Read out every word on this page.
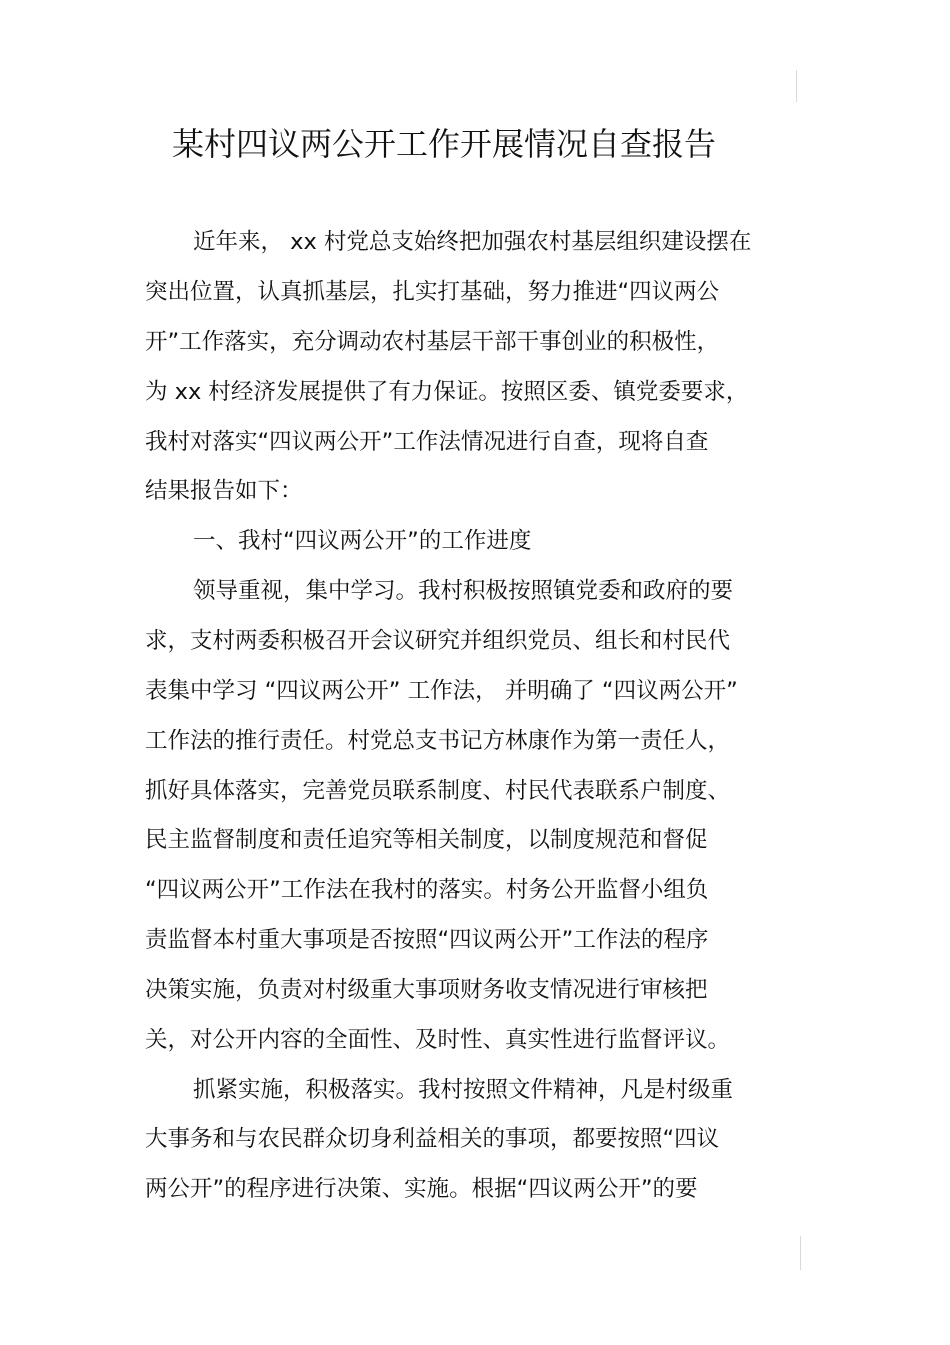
某村四议两公开工作开展情况自查报告
近年来， xx 村党总支始终把加强农村基层组织建设摆在
突出位置，认真抓基层，扎实打基础，努力推进“四议两公
开”工作落实，充分调动农村基层干部干事创业的积极性，
为 xx 村经济发展提供了有力保证。按照区委、镇党委要求，
我村对落实“四议两公开”工作法情况进行自查，现将自查
结果报告如下：
一、我村“四议两公开”的工作进度
领导重视，集中学习。我村积极按照镇党委和政府的要
求，支村两委积极召开会议研究并组织党员、组长和村民代
表集中学习 “四议两公开” 工作法， 并明确了 “四议两公开”
工作法的推行责任。村党总支书记方林康作为第一责任人，
抓好具体落实，完善党员联系制度、村民代表联系户制度、
民主监督制度和责任追究等相关制度，以制度规范和督促
“四议两公开”工作法在我村的落实。村务公开监督小组负
责监督本村重大事项是否按照“四议两公开”工作法的程序
决策实施，负责对村级重大事项财务收支情况进行审核把
关，对公开内容的全面性、及时性、真实性进行监督评议。
抓紧实施，积极落实。我村按照文件精神，凡是村级重
大事务和与农民群众切身利益相关的事项，都要按照“四议
两公开”的程序进行决策、实施。根据“四议两公开”的要
